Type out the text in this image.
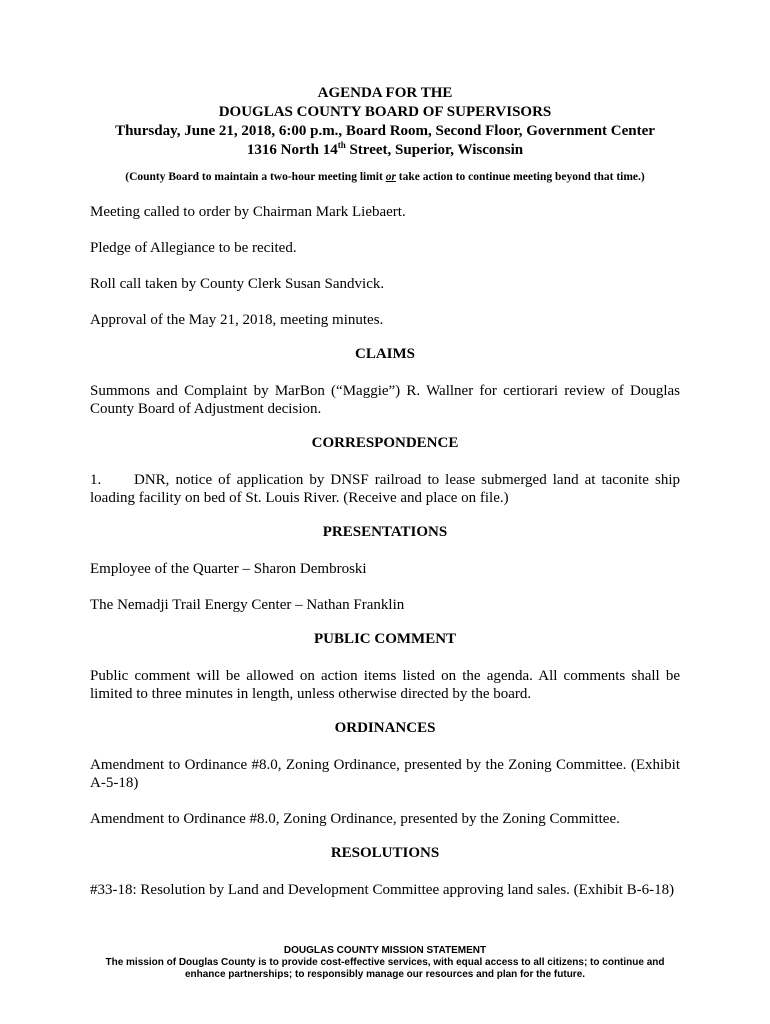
AGENDA FOR THE
DOUGLAS COUNTY BOARD OF SUPERVISORS
Thursday, June 21, 2018, 6:00 p.m., Board Room, Second Floor, Government Center
1316 North 14th Street, Superior, Wisconsin
(County Board to maintain a two-hour meeting limit or take action to continue meeting beyond that time.)
Meeting called to order by Chairman Mark Liebaert.
Pledge of Allegiance to be recited.
Roll call taken by County Clerk Susan Sandvick.
Approval of the May 21, 2018, meeting minutes.
CLAIMS
Summons and Complaint by MarBon (“Maggie”) R. Wallner for certiorari review of Douglas County Board of Adjustment decision.
CORRESPONDENCE
1. DNR, notice of application by DNSF railroad to lease submerged land at taconite ship loading facility on bed of St. Louis River. (Receive and place on file.)
PRESENTATIONS
Employee of the Quarter – Sharon Dembroski
The Nemadji Trail Energy Center – Nathan Franklin
PUBLIC COMMENT
Public comment will be allowed on action items listed on the agenda. All comments shall be limited to three minutes in length, unless otherwise directed by the board.
ORDINANCES
Amendment to Ordinance #8.0, Zoning Ordinance, presented by the Zoning Committee. (Exhibit A-5-18)
Amendment to Ordinance #8.0, Zoning Ordinance, presented by the Zoning Committee.
RESOLUTIONS
#33-18: Resolution by Land and Development Committee approving land sales. (Exhibit B-6-18)
DOUGLAS COUNTY MISSION STATEMENT
The mission of Douglas County is to provide cost-effective services, with equal access to all citizens; to continue and
enhance partnerships; to responsibly manage our resources and plan for the future.
